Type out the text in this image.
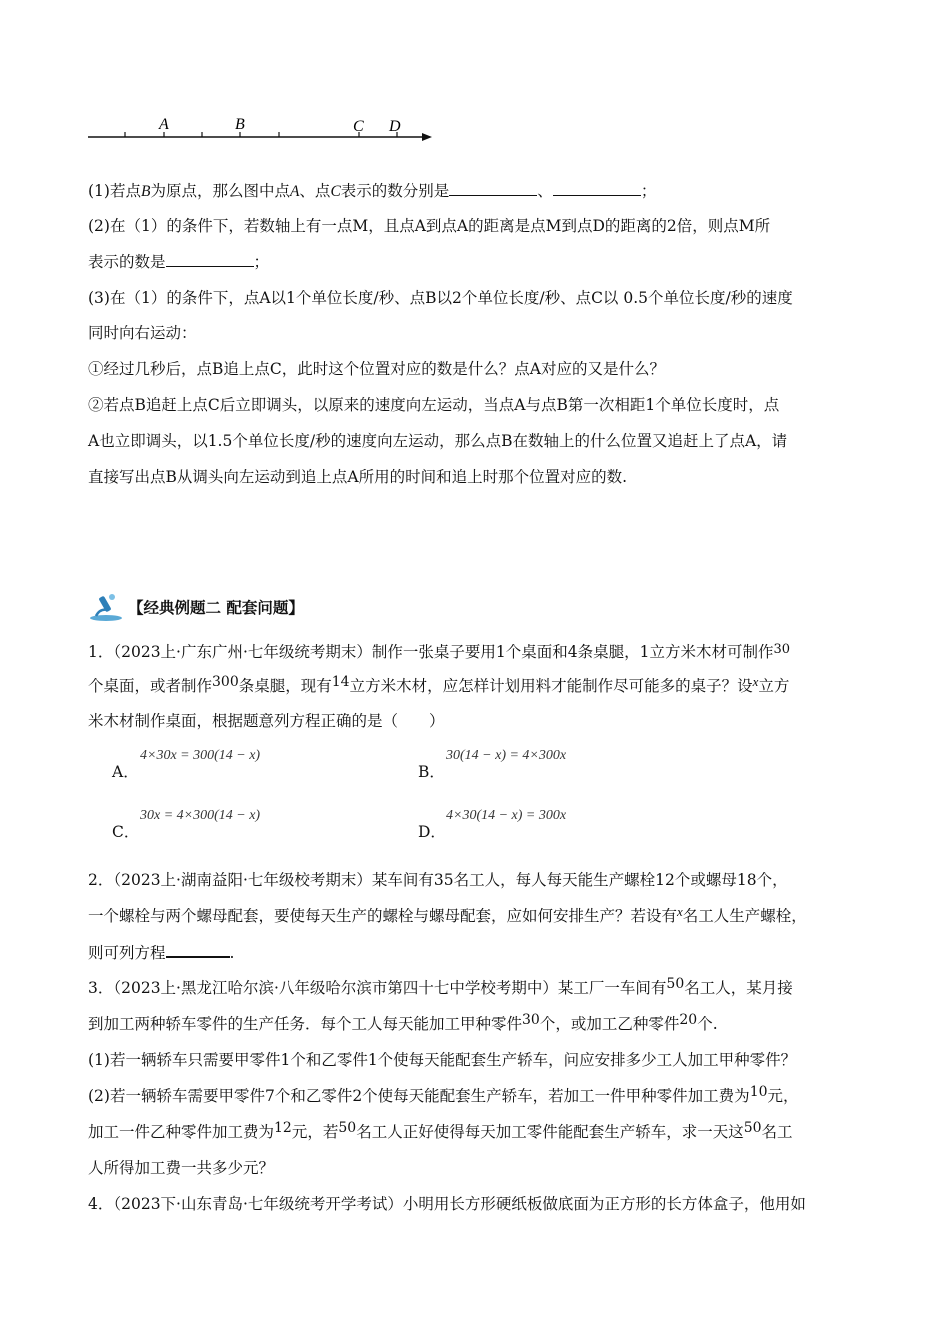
A	B	C D
(1)若点B为原点，那么图中点A、点C表示的数分别是	、	；
(2)在（1）的条件下，若数轴上有一点M，且点A到点A的距离是点M到点D的距离的2倍，则点M所
表示的数是	；
(3)在（1）的条件下，点A以1个单位长度/秒、点B以2个单位长度/秒、点C以 0.5个单位长度/秒的速度
同时向右运动：
①经过几秒后，点B追上点C，此时这个位置对应的数是什么？点A对应的又是什么？
②若点B追赶上点C后立即调头，以原来的速度向左运动，当点A与点B第一次相距1个单位长度时，点
A也立即调头，以1.5个单位长度/秒的速度向左运动，那么点B在数轴上的什么位置又追赶上了点A，请
直接写出点B从调头向左运动到追上点A所用的时间和追上时那个位置对应的数.
【经典例题二 配套问题】
1．（2023上·广东广州·七年级统考期末）制作一张桌子要用1个桌面和4条桌腿，1立方米木材可制作$^{30}$
个桌面，或者制作300条桌腿，现有14立方米木材，应怎样计划用料才能制作尽可能多的桌子？设$^x$立方
米木材制作桌面，根据题意列方程正确的是（　　）
A．
4×30x = 300(14 − x)
B．
30(14 − x) = 4×300x
C．
30x = 4×300(14 − x)
D．
4×30(14 − x) = 300x
2．（2023上·湖南益阳·七年级校考期末）某车间有35名工人，每人每天能生产螺栓12个或螺母18个，
一个螺栓与两个螺母配套，要使每天生产的螺栓与螺母配套，应如何安排生产？若设有$^x$名工人生产螺栓，
则可列方程	.
3．（2023上·黑龙江哈尔滨·八年级哈尔滨市第四十七中学校考期中）某工厂一车间有50名工人，某月接
到加工两种轿车零件的生产任务．每个工人每天能加工甲种零件30个，或加工乙种零件20个.
(1)若一辆轿车只需要甲零件1个和乙零件1个使每天能配套生产轿车，问应安排多少工人加工甲种零件？
(2)若一辆轿车需要甲零件7个和乙零件2个使每天能配套生产轿车，若加工一件甲种零件加工费为10元，
加工一件乙种零件加工费为12元，若50名工人正好使得每天加工零件能配套生产轿车，求一天这50名工
人所得加工费一共多少元？
4．（2023下·山东青岛·七年级统考开学考试）小明用长方形硬纸板做底面为正方形的长方体盒子，他用如
